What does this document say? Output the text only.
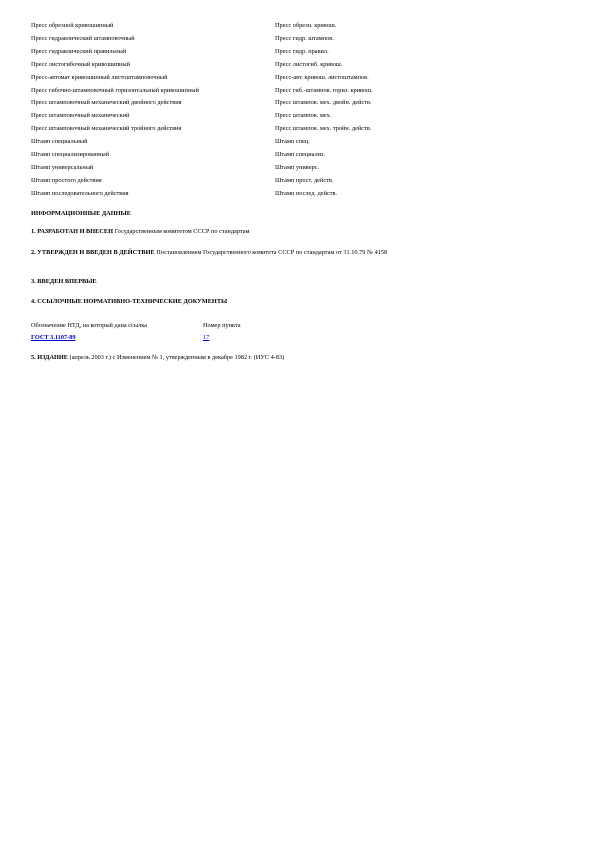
Пресс обрезной кривошипный	Пресс обрезн. кривош.
Пресс гидравлический штамповочный	Пресс гидр. штампов.
Пресс гидравлический правильный	Пресс гидр. правил.
Пресс листогибочный кривошипный	Пресс листогиб. кривош.
Пресс-автомат кривошипный листоштамповочный	Пресс-авт. кривош. листоштампов.
Пресс гибочно-штамповочный горизонтальный кривошипный	Пресс гиб.-штампов. гориз. кривош.
Пресс штамповочный механический двойного действия	Пресс штампов. мех. двойн. действ.
Пресс штамповочный механический	Пресс штампов. мех.
Пресс штамповочный механический тройного действия	Пресс штампов. мех. тройн. действ.
Штамп специальный	Штамп спец.
Штамп специализированный	Штамп специализ.
Штамп универсальный	Штамп универс.
Штамп простого действия	Штамп прост. действ.
Штамп последовательного действия	Штамп послед. действ.

ИНФОРМАЦИОННЫЕ ДАННЫЕ

1. РАЗРАБОТАН И ВНЕСЕН Государственным комитетом СССР по стандартам

2. УТВЕРЖДЕН И ВВЕДЕН В ДЕЙСТВИЕ Постановлением Государственного комитета СССР по стандартам от 31.10.79 № 4158

3. ВВЕДЕН ВПЕРВЫЕ

4. ССЫЛОЧНЫЕ НОРМАТИВНО-ТЕХНИЧЕСКИЕ ДОКУМЕНТЫ

Обозначение НТД, на который дана ссылка	Номер пункта
ГОСТ 3.1107-89	17

5. ИЗДАНИЕ (апрель 2003 г.) с Изменением № 1, утвержденным в декабре 1982 г. (ИУС 4-83)
